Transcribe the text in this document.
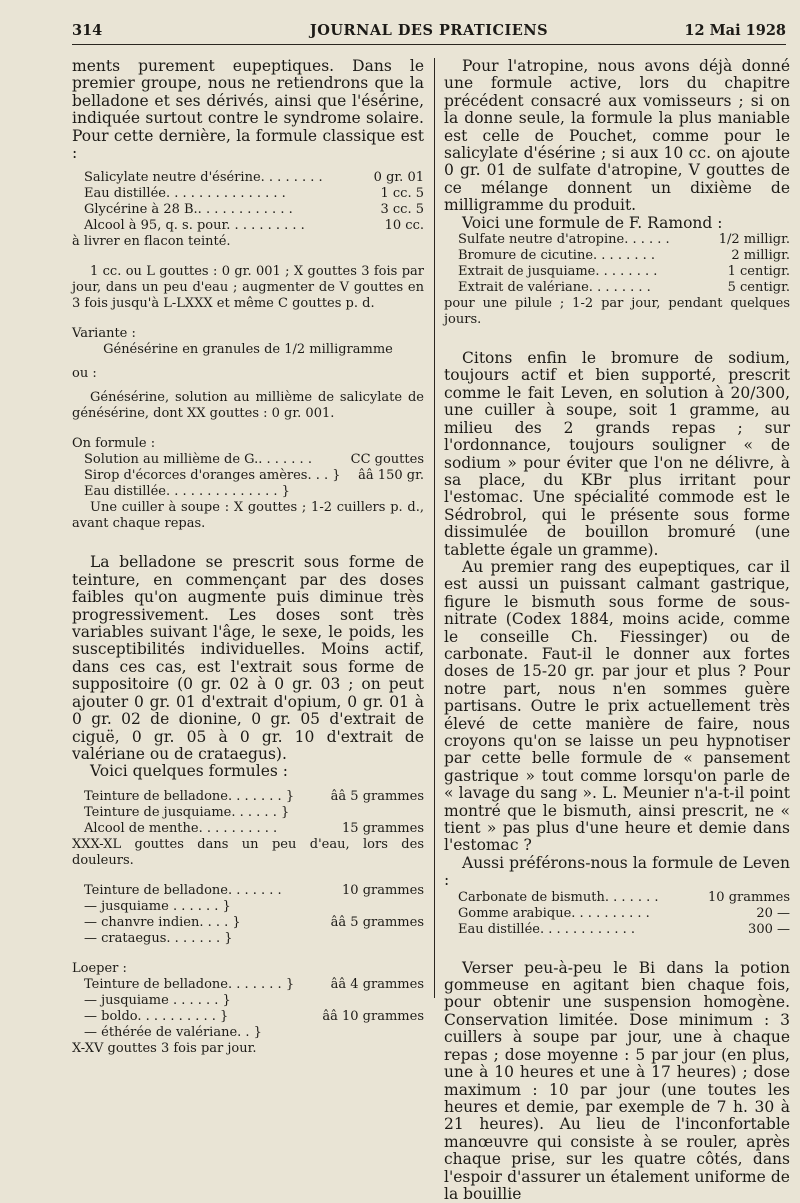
314	JOURNAL DES PRATICIENS	12 Mai 1928

ments purement eupeptiques. Dans le premier groupe, nous ne retiendrons que la belladone et ses dérivés, ainsi que l'ésérine, indiquée surtout contre le syndrome solaire. Pour cette dernière, la formule classique est :

Salicylate neutre d'ésérine. . . . . . . .	0 gr. 01
Eau distillée. . . . . . . . . . . . . . .	1 cc. 5
Glycérine à 28 B.. . . . . . . . . . . .	3 cc. 5
Alcool à 95, q. s. pour. . . . . . . . . .	10 cc.

à livrer en flacon teinté.

1 cc. ou L gouttes : 0 gr. 001 ; X gouttes 3 fois par jour, dans un peu d'eau ; augmenter de V gouttes en 3 fois jusqu'à L-LXXX et même C gouttes p. d.

Variante :

Génésérine en granules de 1/2 milligramme

ou :

Génésérine, solution au millième de salicylate de génésérine, dont XX gouttes : 0 gr. 001.

On formule :

Solution au millième de G.. . . . . . .	CC gouttes
Sirop d'écorces d'oranges amères. . . }	ââ 150 gr.
Eau distillée. . . . . . . . . . . . . . }

Une cuiller à soupe : X gouttes ; 1-2 cuillers p. d., avant chaque repas.

La belladone se prescrit sous forme de teinture, en commençant par des doses faibles qu'on augmente puis diminue très progressivement. Les doses sont très variables suivant l'âge, le sexe, le poids, les susceptibilités individuelles. Moins actif, dans ces cas, est l'extrait sous forme de suppositoire (0 gr. 02 à 0 gr. 03 ; on peut ajouter 0 gr. 01 d'extrait d'opium, 0 gr. 01 à 0 gr. 02 de dionine, 0 gr. 05 d'extrait de ciguë, 0 gr. 05 à 0 gr. 10 d'extrait de valériane ou de crataegus).

Voici quelques formules :

Teinture de belladone. . . . . . . }	ââ 5 grammes
Teinture de jusquiame. . . . . . }
Alcool de menthe. . . . . . . . . .	15 grammes

XXX-XL gouttes dans un peu d'eau, lors des douleurs.

Teinture de belladone. . . . . . .	10 grammes
— jusquiame . . . . . . }
— chanvre indien. . . . }	ââ 5 grammes
— crataegus. . . . . . . }

Loeper :

Teinture de belladone. . . . . . . }	ââ 4 grammes
— jusquiame . . . . . . }
— boldo. . . . . . . . . . }	ââ 10 grammes
— éthérée de valériane. . }

X-XV gouttes 3 fois par jour.

Pour l'atropine, nous avons déjà donné une formule active, lors du chapitre précédent consacré aux vomisseurs ; si on la donne seule, la formule la plus maniable est celle de Pouchet, comme pour le salicylate d'ésérine ; si aux 10 cc. on ajoute 0 gr. 01 de sulfate d'atropine, V gouttes de ce mélange donnent un dixième de milligramme du produit.

Voici une formule de F. Ramond :

Sulfate neutre d'atropine. . . . . .	1/2 milligr.
Bromure de cicutine. . . . . . . .	2 milligr.
Extrait de jusquiame. . . . . . . .	1 centigr.
Extrait de valériane. . . . . . . .	5 centigr.

pour une pilule ; 1-2 par jour, pendant quelques jours.

Citons enfin le bromure de sodium, toujours actif et bien supporté, prescrit comme le fait Leven, en solution à 20/300, une cuiller à soupe, soit 1 gramme, au milieu des 2 grands repas ; sur l'ordonnance, toujours souligner « de sodium » pour éviter que l'on ne délivre, à sa place, du KBr plus irritant pour l'estomac. Une spécialité commode est le Sédrobrol, qui le présente sous forme dissimulée de bouillon bromuré (une tablette égale un gramme).

Au premier rang des eupeptiques, car il est aussi un puissant calmant gastrique, figure le bismuth sous forme de sous-nitrate (Codex 1884, moins acide, comme le conseille Ch. Fiessinger) ou de carbonate. Faut-il le donner aux fortes doses de 15-20 gr. par jour et plus ? Pour notre part, nous n'en sommes guère partisans. Outre le prix actuellement très élevé de cette manière de faire, nous croyons qu'on se laisse un peu hypnotiser par cette belle formule de « pansement gastrique » tout comme lorsqu'on parle de « lavage du sang ». L. Meunier n'a-t-il point montré que le bismuth, ainsi prescrit, ne « tient » pas plus d'une heure et demie dans l'estomac ?

Aussi préférons-nous la formule de Leven :

Carbonate de bismuth. . . . . . .	10 grammes
Gomme arabique. . . . . . . . . .	20 —
Eau distillée. . . . . . . . . . . .	300 —

Verser peu-à-peu le Bi dans la potion gommeuse en agitant bien chaque fois, pour obtenir une suspension homogène. Conservation limitée. Dose minimum : 3 cuillers à soupe par jour, une à chaque repas ; dose moyenne : 5 par jour (en plus, une à 10 heures et une à 17 heures) ; dose maximum : 10 par jour (une toutes les heures et demie, par exemple de 7 h. 30 à 21 heures). Au lieu de l'inconfortable manœuvre qui consiste à se rouler, après chaque prise, sur les quatre côtés, dans l'espoir d'assurer un étalement uniforme de la bouillie
